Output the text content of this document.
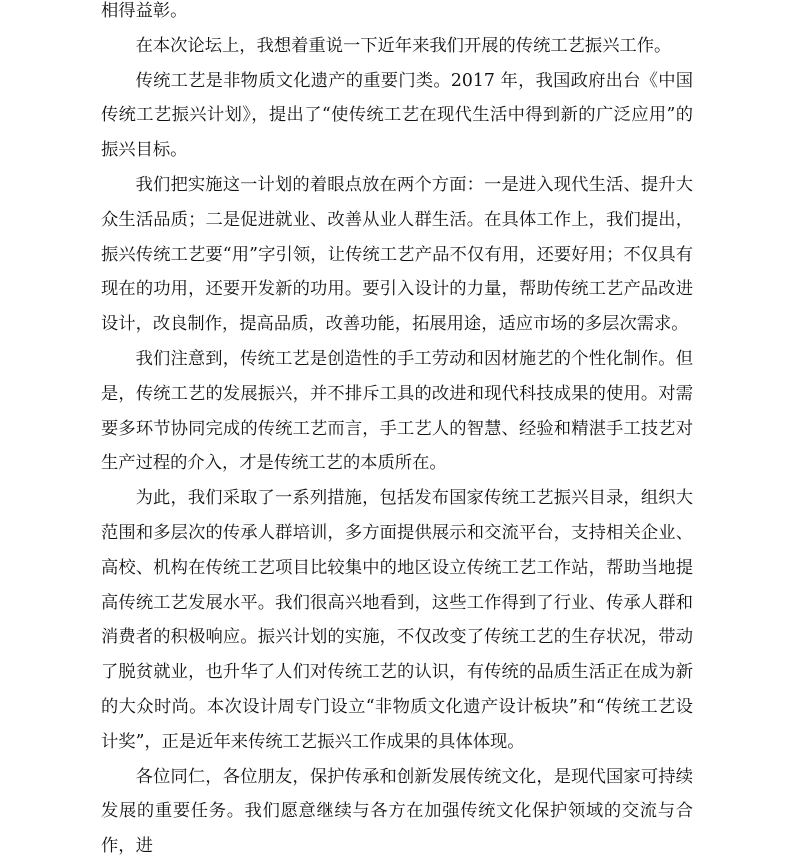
相得益彰。

在本次论坛上，我想着重说一下近年来我们开展的传统工艺振兴工作。

传统工艺是非物质文化遗产的重要门类。2017 年，我国政府出台《中国传统工艺振兴计划》，提出了“使传统工艺在现代生活中得到新的广泛应用”的振兴目标。

我们把实施这一计划的着眼点放在两个方面：一是进入现代生活、提升大众生活品质；二是促进就业、改善从业人群生活。在具体工作上，我们提出，振兴传统工艺要“用”字引领，让传统工艺产品不仅有用，还要好用；不仅具有现在的功用，还要开发新的功用。要引入设计的力量，帮助传统工艺产品改进设计，改良制作，提高品质，改善功能，拓展用途，适应市场的多层次需求。

我们注意到，传统工艺是创造性的手工劳动和因材施艺的个性化制作。但是，传统工艺的发展振兴，并不排斥工具的改进和现代科技成果的使用。对需要多环节协同完成的传统工艺而言，手工艺人的智慧、经验和精湛手工技艺对生产过程的介入，才是传统工艺的本质所在。

为此，我们采取了一系列措施，包括发布国家传统工艺振兴目录，组织大范围和多层次的传承人群培训，多方面提供展示和交流平台，支持相关企业、高校、机构在传统工艺项目比较集中的地区设立传统工艺工作站，帮助当地提高传统工艺发展水平。我们很高兴地看到，这些工作得到了行业、传承人群和消费者的积极响应。振兴计划的实施，不仅改变了传统工艺的生存状况，带动了脱贫就业，也升华了人们对传统工艺的认识，有传统的品质生活正在成为新的大众时尚。本次设计周专门设立“非物质文化遗产设计板块”和“传统工艺设计奖”，正是近年来传统工艺振兴工作成果的具体体现。

各位同仁，各位朋友，保护传承和创新发展传统文化，是现代国家可持续发展的重要任务。我们愿意继续与各方在加强传统文化保护领域的交流与合作，进
